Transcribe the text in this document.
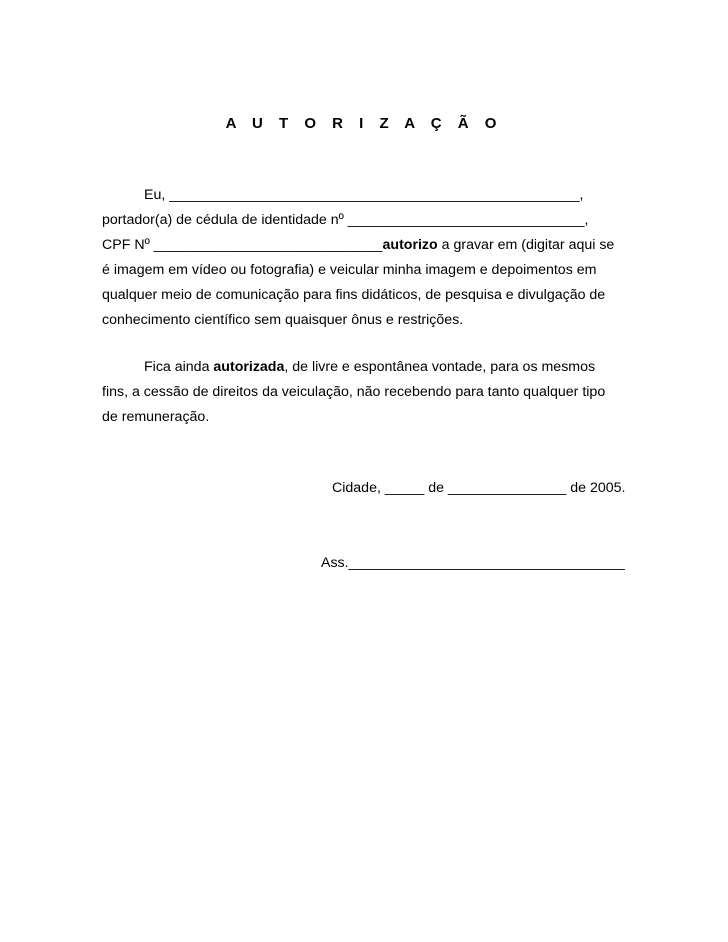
A U T O R I Z A Ç Ã O
Eu, ____________________________________________________,
portador(a) de cédula de identidade nº ______________________________,
CPF Nº _____________________________autorizo a gravar em (digitar aqui se
é imagem em vídeo ou fotografia) e veicular minha imagem e depoimentos em
qualquer meio de comunicação para fins didáticos, de pesquisa e divulgação de
conhecimento científico sem quaisquer ônus e restrições.
Fica ainda autorizada, de livre e espontânea vontade, para os mesmos
fins, a cessão de direitos da veiculação, não recebendo para tanto qualquer tipo
de remuneração.
Cidade, _____ de _______________ de 2005.
Ass.___________________________________
